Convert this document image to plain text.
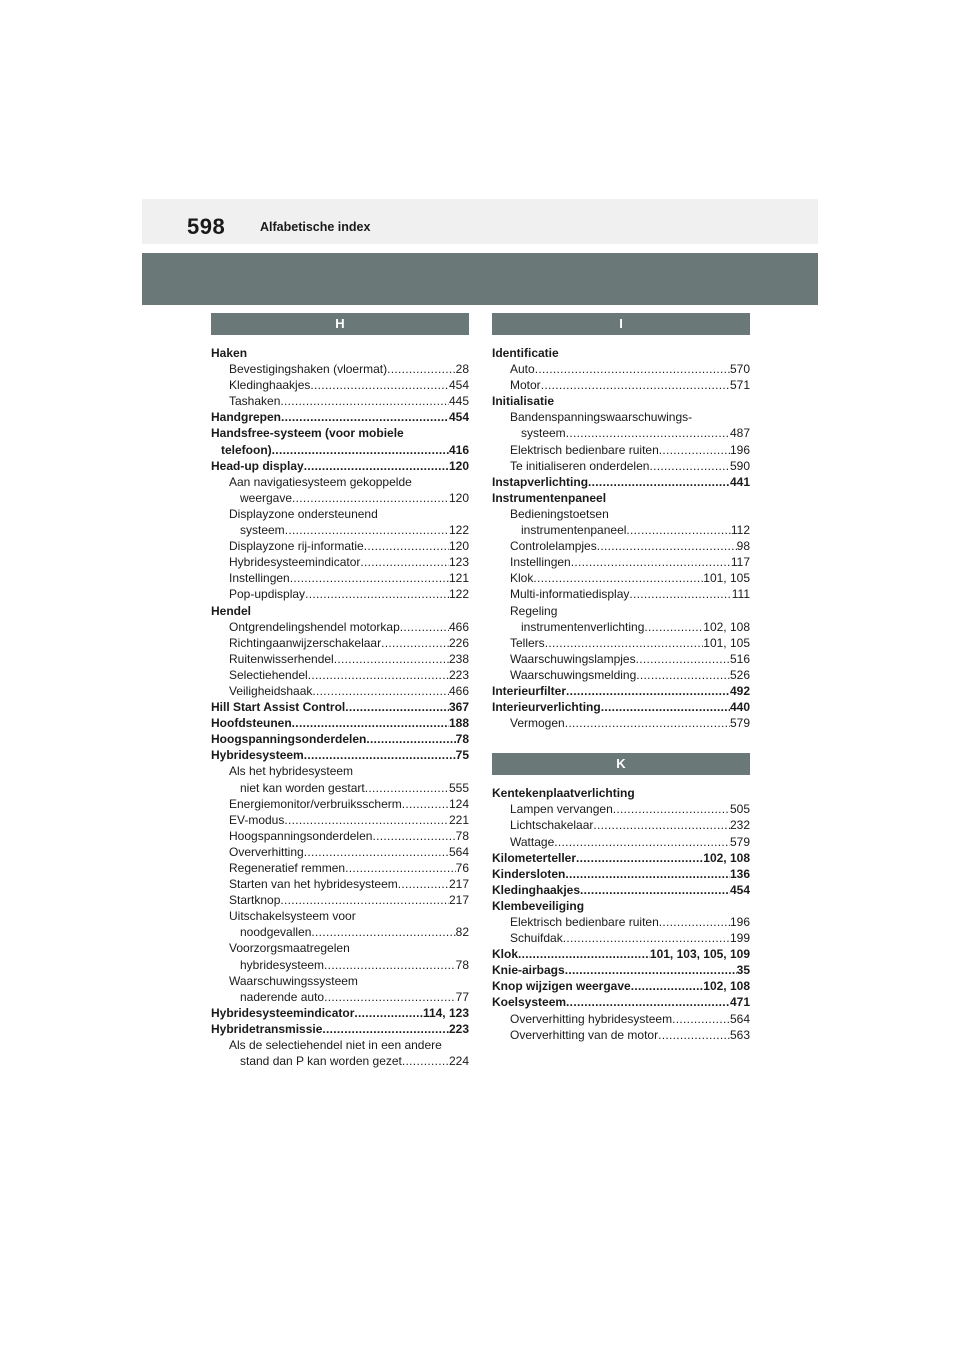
598	Alfabetische index
H
Haken
Bevestigingshaken (vloermat) .....	28
Kledinghaakjes .....	454
Tashaken .....	445
Handgrepen .....	454
Handsfree-systeem (voor mobiele
telefoon) .....	416
Head-up display .....	120
Aan navigatiesysteem gekoppelde
weergave .....	120
Displayzone ondersteunend
systeem .....	122
Displayzone rij-informatie .....	120
Hybridesysteemindicator .....	123
Instellingen .....	121
Pop-updisplay .....	122
Hendel
Ontgrendelingshendel motorkap .....	466
Richtingaanwijzerschakelaar .....	226
Ruitenwisserhendel .....	238
Selectiehendel .....	223
Veiligheidshaak .....	466
Hill Start Assist Control .....	367
Hoofdsteunen .....	188
Hoogspanningsonderdelen .....	78
Hybridesysteem .....	75
Als het hybridesysteem
niet kan worden gestart .....	555
Energiemonitor/verbruiksscherm .....	124
EV-modus .....	221
Hoogspanningsonderdelen .....	78
Oververhitting .....	564
Regeneratief remmen .....	76
Starten van het hybridesysteem .....	217
Startknop .....	217
Uitschakelsysteem voor
noodgevallen .....	82
Voorzorgsmaatregelen
hybridesysteem .....	78
Waarschuwingssysteem
naderende auto .....	77
Hybridesysteemindicator .....	114, 123
Hybridetransmissie .....	223
Als de selectiehendel niet in een andere
stand dan P kan worden gezet .....	224
I
Identificatie
Auto .....	570
Motor .....	571
Initialisatie
Bandenspanningswaarschuwings-
systeem .....	487
Elektrisch bedienbare ruiten .....	196
Te initialiseren onderdelen .....	590
Instapverlichting .....	441
Instrumentenpaneel
Bedieningstoetsen
instrumentenpaneel .....	112
Controlelampjes .....	98
Instellingen .....	117
Klok .....	101, 105
Multi-informatiedisplay .....	111
Regeling
instrumentenverlichting .....	102, 108
Tellers .....	101, 105
Waarschuwingslampjes .....	516
Waarschuwingsmelding .....	526
Interieurfilter .....	492
Interieurverlichting .....	440
Vermogen .....	579
K
Kentekenplaatverlichting
Lampen vervangen .....	505
Lichtschakelaar .....	232
Wattage .....	579
Kilometerteller .....	102, 108
Kindersloten .....	136
Kledinghaakjes .....	454
Klembeveiliging
Elektrisch bedienbare ruiten .....	196
Schuifdak .....	199
Klok .....	101, 103, 105, 109
Knie-airbags .....	35
Knop wijzigen weergave .....	102, 108
Koelsysteem .....	471
Oververhitting hybridesysteem .....	564
Oververhitting van de motor .....	563
